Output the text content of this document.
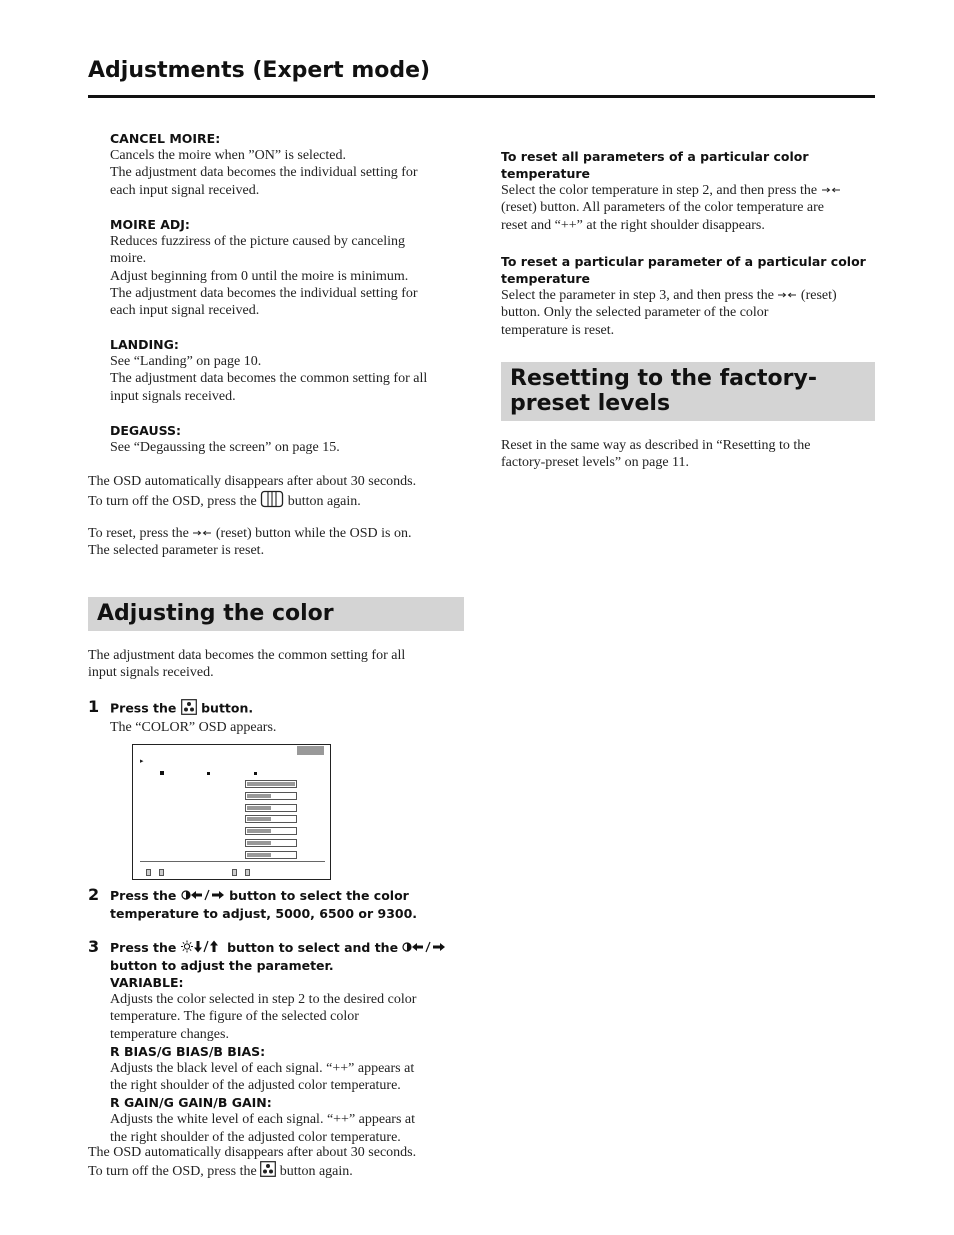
Adjustments (Expert mode)
CANCEL MOIRE:
Cancels the moire when ”ON” is selected.
The adjustment data becomes the individual setting for
each input signal received.
MOIRE ADJ:
Reduces fuzziress of the picture caused by canceling
moire.
Adjust beginning from 0 until the moire is minimum.
The adjustment data becomes the individual setting for
each input signal received.
LANDING:
See “Landing” on page 10.
The adjustment data becomes the common setting for all
input signals received.
DEGAUSS:
See “Degaussing the screen” on page 15.
The OSD automatically disappears after about 30 seconds.
To turn off the OSD, press the button again.
To reset, press the (reset) button while the OSD is on.
The selected parameter is reset.
Adjusting the color
The adjustment data becomes the common setting for all
input signals received.
1 Press the button.
The “COLOR” OSD appears.
▸
2 Press the	button to select the color
temperature to adjust, 5000, 6500 or 9300.
3 Press the	button to select and the
button to adjust the parameter.
VARIABLE:
Adjusts the color selected in step 2 to the desired color
temperature. The figure of the selected color
temperature changes.
R BIAS/G BIAS/B BIAS:
Adjusts the black level of each signal. “++” appears at
the right shoulder of the adjusted color temperature.
R GAIN/G GAIN/B GAIN:
Adjusts the white level of each signal. “++” appears at
the right shoulder of the adjusted color temperature.
The OSD automatically disappears after about 30 seconds.
To turn off the OSD, press the button again.
To reset all parameters of a particular color
temperature
Select the color temperature in step 2, and then press the
(reset) button. All parameters of the color temperature are
reset and “++” at the right shoulder disappears.
To reset a particular parameter of a particular color
temperature
Select the parameter in step 3, and then press the (reset)
button. Only the selected parameter of the color
temperature is reset.
Resetting to the factory-
preset levels
Reset in the same way as described in “Resetting to the
factory-preset levels” on page 11.
